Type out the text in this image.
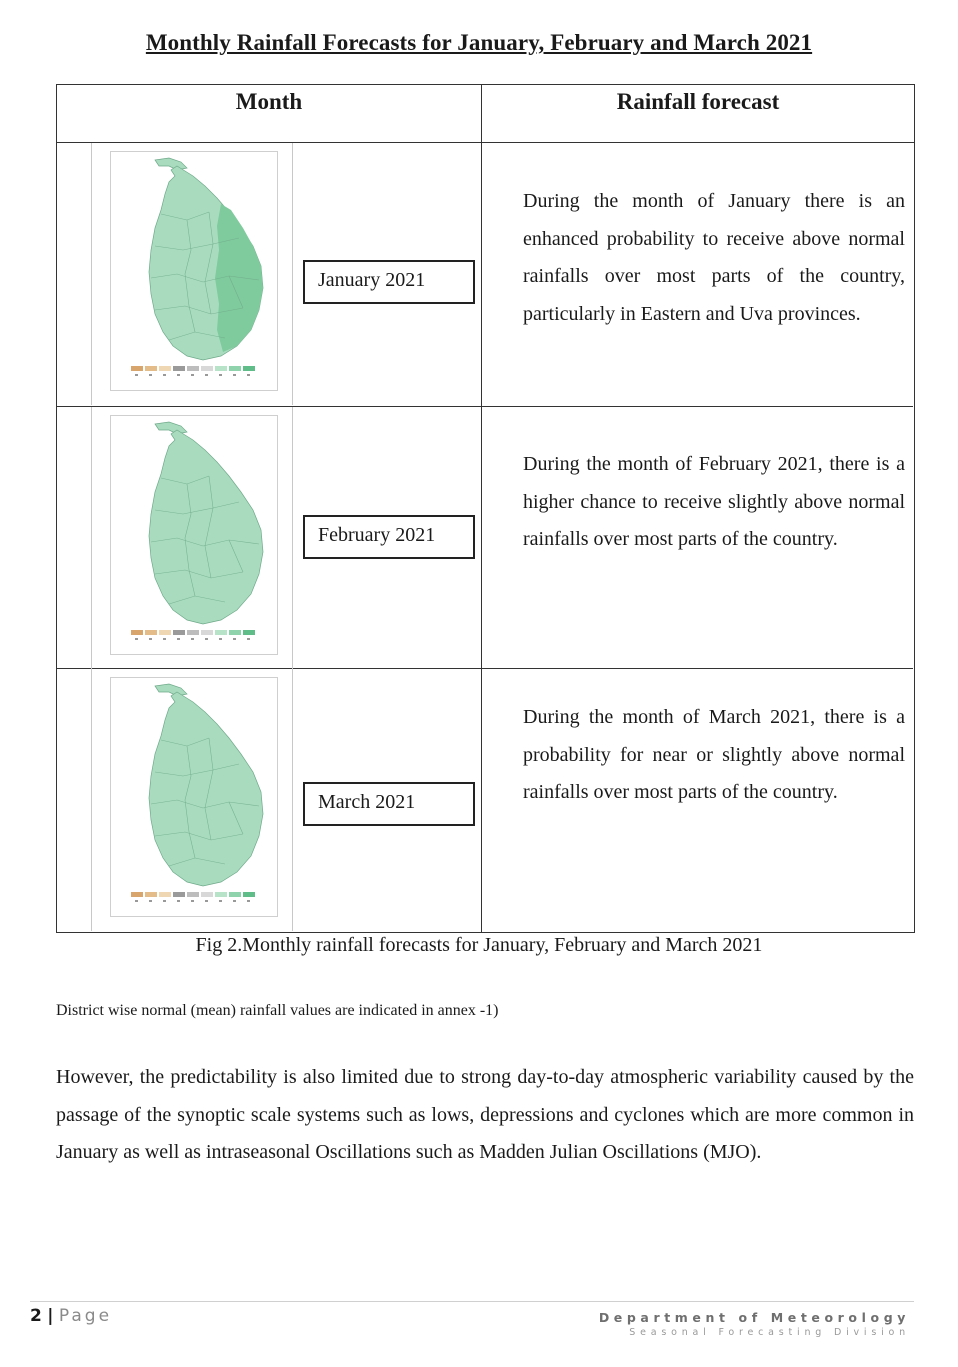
Monthly Rainfall Forecasts for January, February and March 2021
Month	Rainfall forecast
January 2021
During the month of January there is an enhanced probability to receive above normal rainfalls over most parts of the country, particularly in Eastern and Uva provinces.
February 2021
During the month of February 2021, there is a higher chance to receive slightly above normal rainfalls over most parts of the country.
March 2021
During the month of March 2021, there is a probability for near or slightly above normal rainfalls over most parts of the country.
Fig 2.Monthly rainfall forecasts for January, February and March 2021
District wise normal (mean) rainfall values are indicated in annex -1)
However, the predictability is also limited due to strong day-to-day atmospheric variability caused by the passage of the synoptic scale systems such as lows, depressions and cyclones which are more common in January as well as intraseasonal Oscillations such as Madden Julian Oscillations (MJO).
2 | Page	Department of Meteorology
Seasonal Forecasting Division
